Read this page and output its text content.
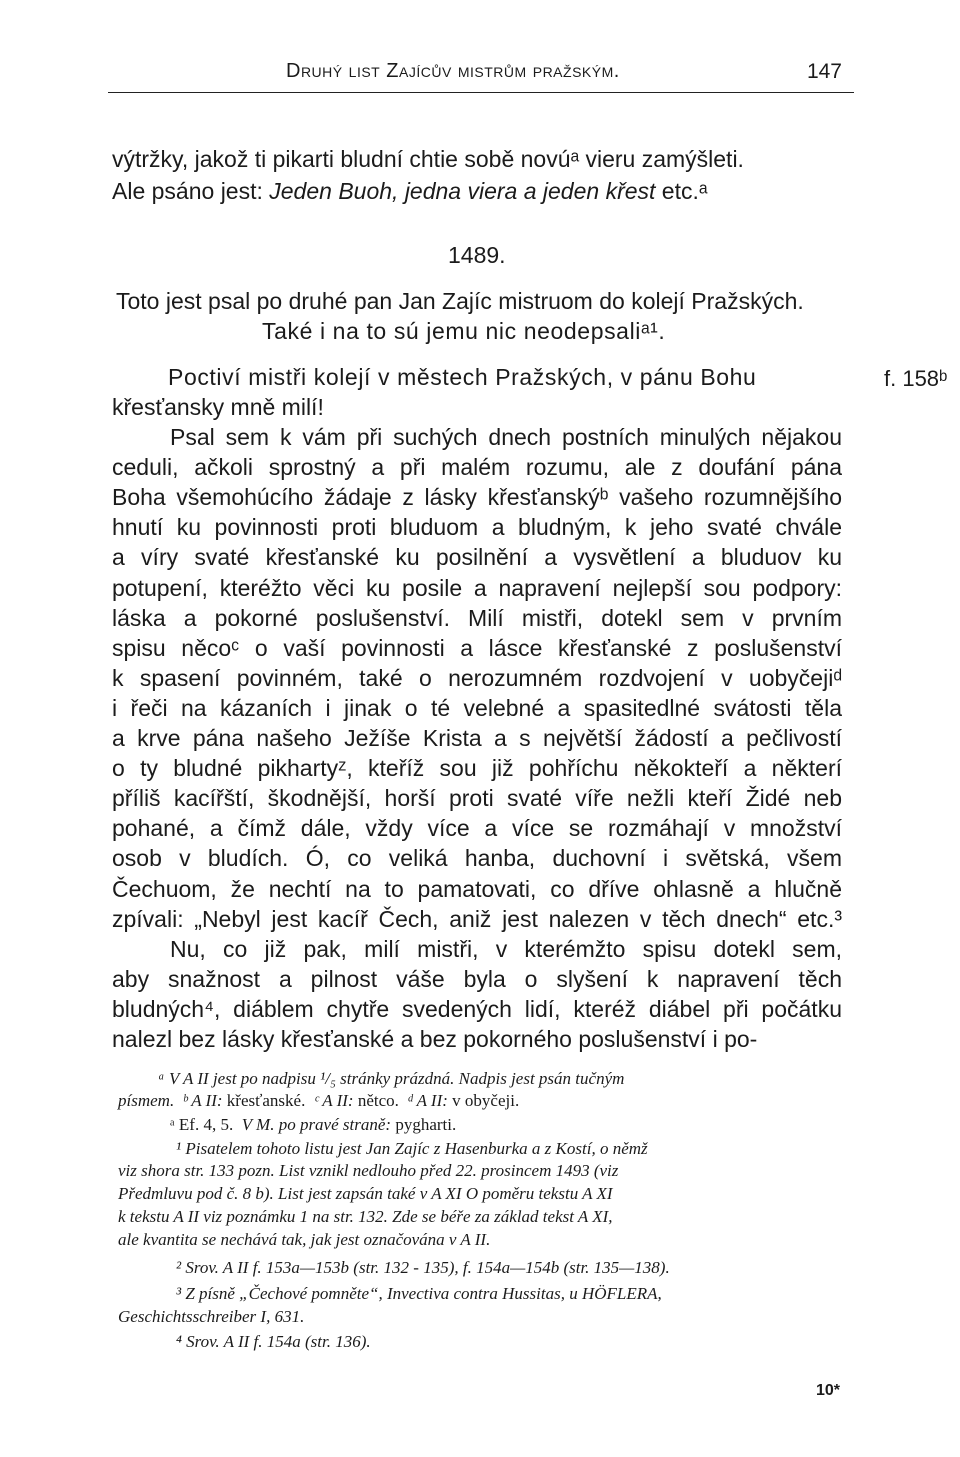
Druhý list Zajícův mistrům pražským.	147
výtržky, jakož ti pikarti bludní chtie sobě novúᵃ vieru zamýšleti.
Ale psáno jest: Jeden Buoh, jedna viera a jeden křest etc.ᵃ
1489.
Toto jest psal po druhé pan Jan Zajíc mistruom do kolejí Pražských.
Také i na to sú jemu nic neodepsaliᵃ¹.
Poctiví mistři kolejí v městech Pražských, v pánu Bohu	f. 158ᵇ
křesťansky mně milí!
Psal sem k vám při suchých dnech postních minulých nějakou
ceduli, ačkoli sprostný a při malém rozumu, ale z doufání pána
Boha všemohúcího žádaje z lásky křesťanskýᵇ vašeho rozumnějšího
hnutí ku povinnosti proti bluduom a bludným, k jeho svaté chvále
a víry svaté křesťanské ku posilnění a vysvětlení a bluduov ku
potupení, kteréžto věci ku posile a napravení nejlepší sou podpory:
láska a pokorné poslušenství. Milí mistři, dotekl sem v prvním
spisu něcoᶜ o vaší povinnosti a lásce křesťanské z poslušenství
k spasení povinném, také o nerozumném rozdvojení v uobyčejiᵈ
i řeči na kázaních i jinak o té velebné a spasitedlné svátosti těla
a krve pána našeho Ježíše Krista a s největší žádostí a pečlivostí
o ty bludné pikhartyᶻ, kteříž sou již pohříchu někokteří a některí
příliš kacířští, škodnější, horší proti svaté víře nežli kteří Židé neb
pohané, a čímž dále, vždy více a více se rozmáhají v množství
osob v bludích. Ó, co veliká hanba, duchovní i světská, všem
Čechuom, že nechtí na to pamatovati, co dříve ohlasně a hlučně
zpívali: „Nebyl jest kacíř Čech, aniž jest nalezen v těch dnech“ etc.³
Nu, co již pak, milí mistři, v kterémžto spisu dotekl sem,
aby snažnost a pilnost váše byla o slyšení k napravení těch
bludných⁴, diáblem chytře svedených lidí, kteréž diábel při počátku
nalezl bez lásky křesťanské a bez pokorného poslušenství i po-
ᵃ V A II jest po nadpisu ¹/₅ stránky prázdná. Nadpis jest psán tučným
písmem. ᵇ A II: křesťanské. ᶜ A II: nětco. ᵈ A II: v obyčeji.
ᵃ Ef. 4, 5. V M. po pravé straně: pygharti.
¹ Pisatelem tohoto listu jest Jan Zajíc z Hasenburka a z Kostí, o němž
viz shora str. 133 pozn. List vznikl nedlouho před 22. prosincem 1493 (viz
Předmluvu pod č. 8 b). List jest zapsán také v A XI O poměru tekstu A XI
k tekstu A II viz poznámku 1 na str. 132. Zde se béře za základ tekst A XI,
ale kvantita se nechává tak, jak jest označována v A II.
² Srov. A II f. 153a—153b (str. 132 - 135), f. 154a—154b (str. 135—138).
³ Z písně „Čechové pomněte“, Invectiva contra Hussitas, u HÖFLERA,
Geschichtsschreiber I, 631.
⁴ Srov. A II f. 154a (str. 136).
10*
